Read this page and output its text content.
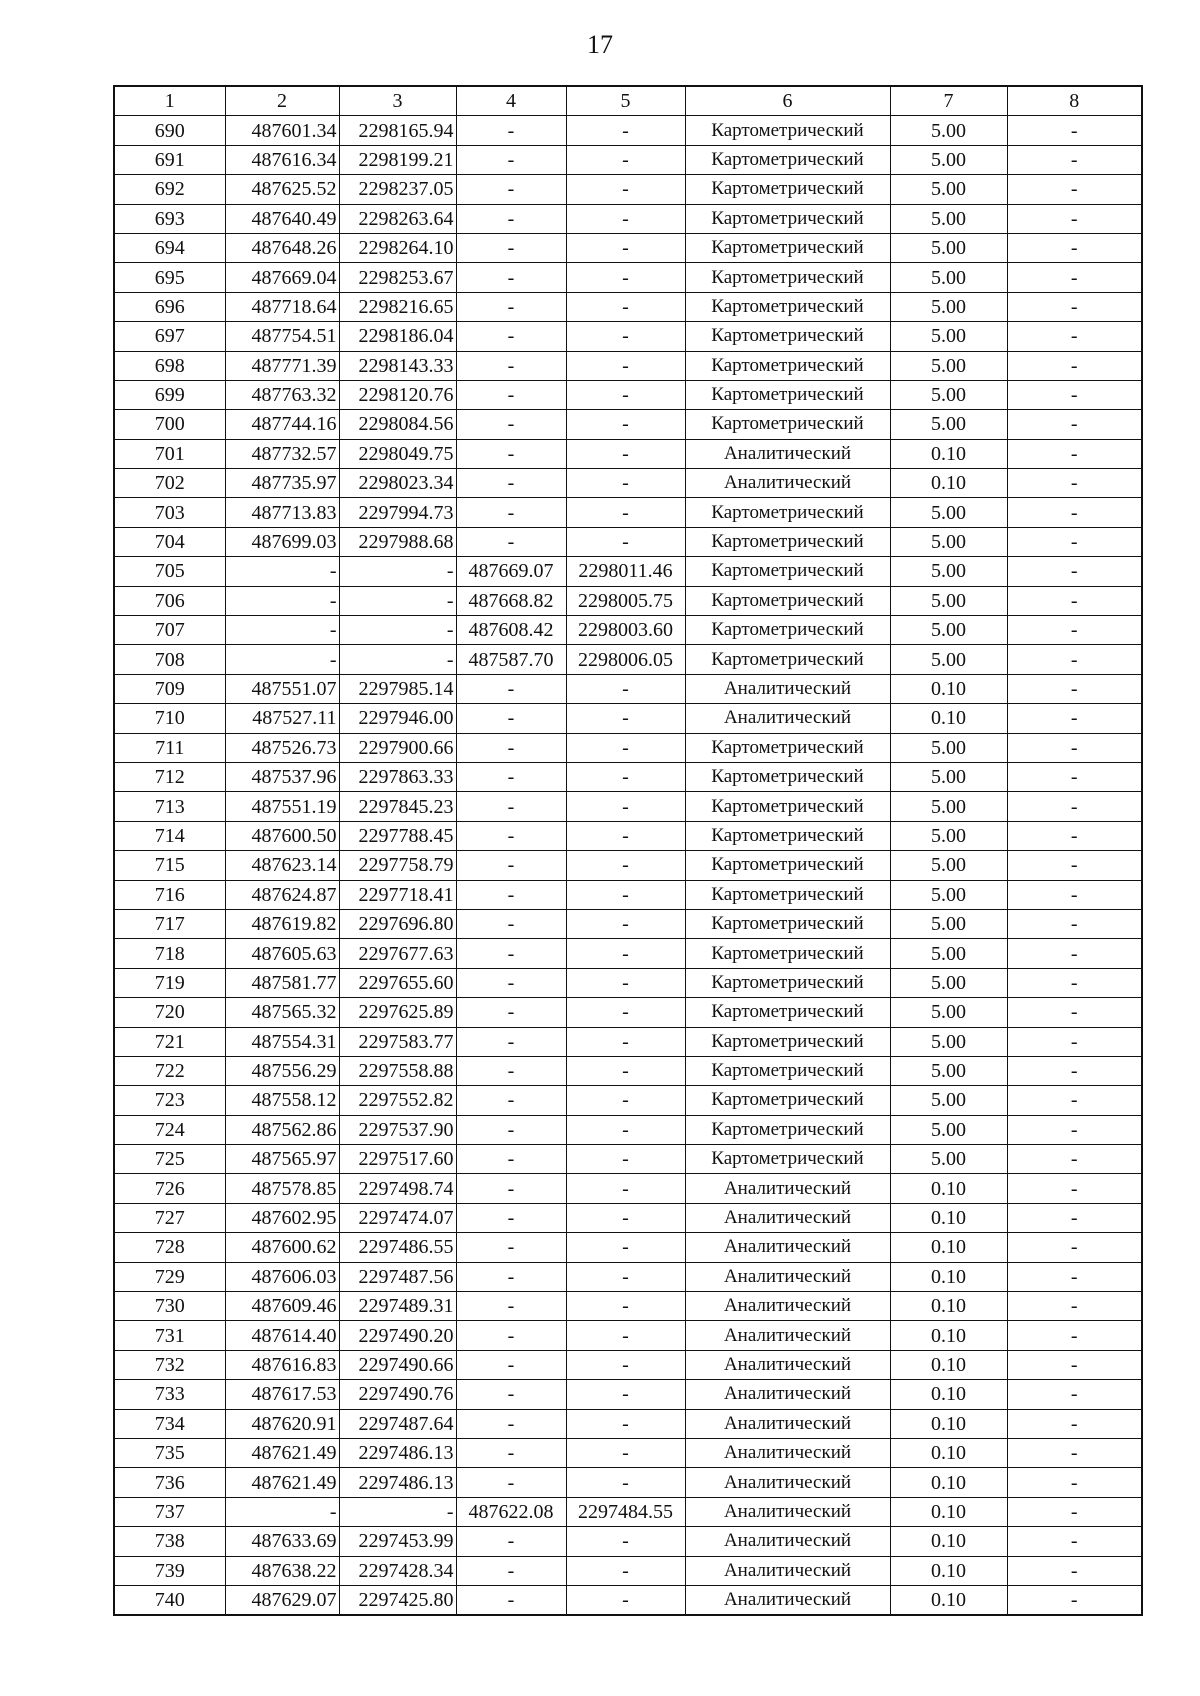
17
1	2	3	4	5	6	7	8
690	487601.34	2298165.94	-	-	Картометрический	5.00	-
691	487616.34	2298199.21	-	-	Картометрический	5.00	-
692	487625.52	2298237.05	-	-	Картометрический	5.00	-
693	487640.49	2298263.64	-	-	Картометрический	5.00	-
694	487648.26	2298264.10	-	-	Картометрический	5.00	-
695	487669.04	2298253.67	-	-	Картометрический	5.00	-
696	487718.64	2298216.65	-	-	Картометрический	5.00	-
697	487754.51	2298186.04	-	-	Картометрический	5.00	-
698	487771.39	2298143.33	-	-	Картометрический	5.00	-
699	487763.32	2298120.76	-	-	Картометрический	5.00	-
700	487744.16	2298084.56	-	-	Картометрический	5.00	-
701	487732.57	2298049.75	-	-	Аналитический	0.10	-
702	487735.97	2298023.34	-	-	Аналитический	0.10	-
703	487713.83	2297994.73	-	-	Картометрический	5.00	-
704	487699.03	2297988.68	-	-	Картометрический	5.00	-
705	-	-	487669.07	2298011.46	Картометрический	5.00	-
706	-	-	487668.82	2298005.75	Картометрический	5.00	-
707	-	-	487608.42	2298003.60	Картометрический	5.00	-
708	-	-	487587.70	2298006.05	Картометрический	5.00	-
709	487551.07	2297985.14	-	-	Аналитический	0.10	-
710	487527.11	2297946.00	-	-	Аналитический	0.10	-
711	487526.73	2297900.66	-	-	Картометрический	5.00	-
712	487537.96	2297863.33	-	-	Картометрический	5.00	-
713	487551.19	2297845.23	-	-	Картометрический	5.00	-
714	487600.50	2297788.45	-	-	Картометрический	5.00	-
715	487623.14	2297758.79	-	-	Картометрический	5.00	-
716	487624.87	2297718.41	-	-	Картометрический	5.00	-
717	487619.82	2297696.80	-	-	Картометрический	5.00	-
718	487605.63	2297677.63	-	-	Картометрический	5.00	-
719	487581.77	2297655.60	-	-	Картометрический	5.00	-
720	487565.32	2297625.89	-	-	Картометрический	5.00	-
721	487554.31	2297583.77	-	-	Картометрический	5.00	-
722	487556.29	2297558.88	-	-	Картометрический	5.00	-
723	487558.12	2297552.82	-	-	Картометрический	5.00	-
724	487562.86	2297537.90	-	-	Картометрический	5.00	-
725	487565.97	2297517.60	-	-	Картометрический	5.00	-
726	487578.85	2297498.74	-	-	Аналитический	0.10	-
727	487602.95	2297474.07	-	-	Аналитический	0.10	-
728	487600.62	2297486.55	-	-	Аналитический	0.10	-
729	487606.03	2297487.56	-	-	Аналитический	0.10	-
730	487609.46	2297489.31	-	-	Аналитический	0.10	-
731	487614.40	2297490.20	-	-	Аналитический	0.10	-
732	487616.83	2297490.66	-	-	Аналитический	0.10	-
733	487617.53	2297490.76	-	-	Аналитический	0.10	-
734	487620.91	2297487.64	-	-	Аналитический	0.10	-
735	487621.49	2297486.13	-	-	Аналитический	0.10	-
736	487621.49	2297486.13	-	-	Аналитический	0.10	-
737	-	-	487622.08	2297484.55	Аналитический	0.10	-
738	487633.69	2297453.99	-	-	Аналитический	0.10	-
739	487638.22	2297428.34	-	-	Аналитический	0.10	-
740	487629.07	2297425.80	-	-	Аналитический	0.10	-
